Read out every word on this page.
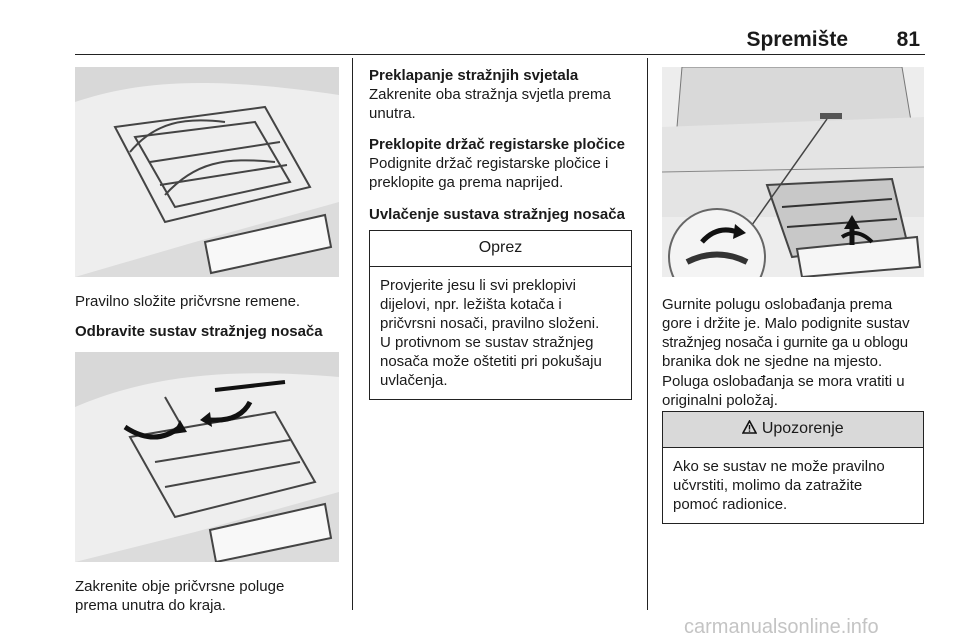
Spremište 81

Pravilno složite pričvrsne remene.

Odbravite sustav stražnjeg nosača

Zakrenite obje pričvrsne poluge

prema unutra do kraja.

Preklapanje stražnjih svjetala

Zakrenite oba stražnja svjetla prema

unutra.

Preklopite držač registarske pločice

Podignite držač registarske pločice i

preklopite ga prema naprijed.

Uvlačenje sustava stražnjeg nosača

Oprez
Provjerite jesu li svi preklopivi
dijelovi, npr. ležišta kotača i
pričvrsni nosači, pravilno složeni.
U protivnom se sustav stražnjeg
nosača može oštetiti pri pokušaju
uvlačenja.

Gurnite polugu oslobađanja prema

gore i držite je. Malo podignite sustav

stražnjeg nosača i gurnite ga u oblogu

branika dok ne sjedne na mjesto.

Poluga oslobađanja se mora vratiti u

originalni položaj.

Upozorenje
Ako se sustav ne može pravilno
učvrstiti, molimo da zatražite
pomoć radionice.
carmanualsonline.info
